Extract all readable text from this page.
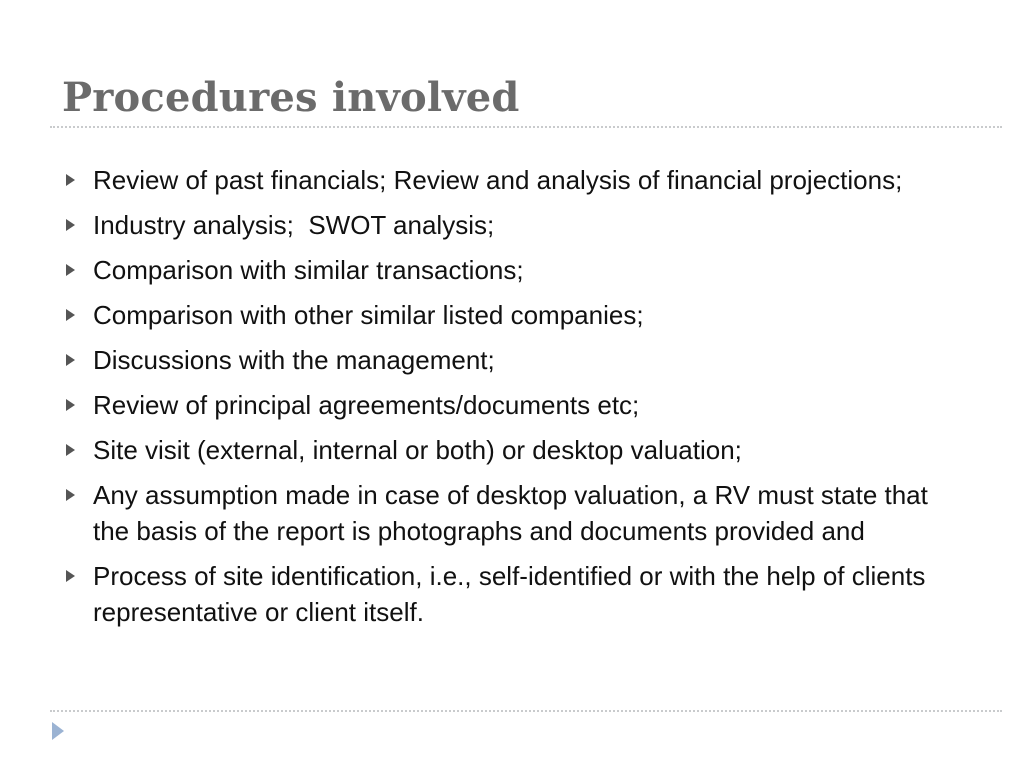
Procedures involved
Review of past financials; Review and analysis of financial projections;
Industry analysis;  SWOT analysis;
Comparison with similar transactions;
Comparison with other similar listed companies;
Discussions with the management;
Review of principal agreements/documents etc;
Site visit (external, internal or both) or desktop valuation;
Any assumption made in case of desktop valuation, a RV must state that the basis of the report is photographs and documents provided and
Process of site identification, i.e., self-identified or with the help of clients representative or client itself.
